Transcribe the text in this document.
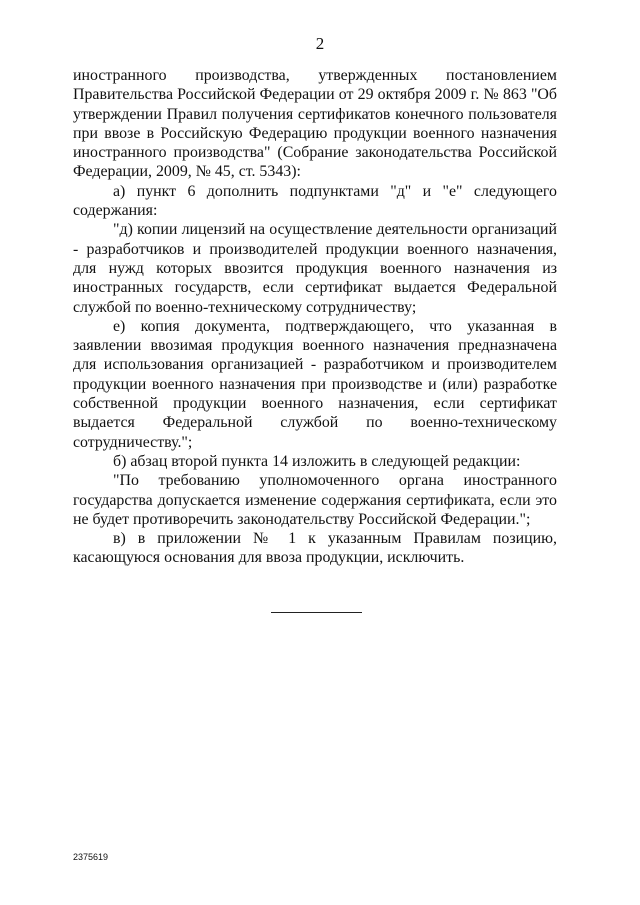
2

иностранного производства, утвержденных постановлением Правительства Российской Федерации от 29 октября 2009 г. № 863 "Об утверждении Правил получения сертификатов конечного пользователя при ввозе в Российскую Федерацию продукции военного назначения иностранного производства" (Собрание законодательства Российской Федерации, 2009, № 45, ст. 5343):

а) пункт 6 дополнить подпунктами "д" и "е" следующего содержания:

"д) копии лицензий на осуществление деятельности организаций - разработчиков и производителей продукции военного назначения, для нужд которых ввозится продукция военного назначения из иностранных государств, если сертификат выдается Федеральной службой по военно-техническому сотрудничеству;

е) копия документа, подтверждающего, что указанная в заявлении ввозимая продукция военного назначения предназначена для использования организацией - разработчиком и производителем продукции военного назначения при производстве и (или) разработке собственной продукции военного назначения, если сертификат выдается Федеральной службой по военно-техническому сотрудничеству.";

б) абзац второй пункта 14 изложить в следующей редакции:

"По требованию уполномоченного органа иностранного государства допускается изменение содержания сертификата, если это не будет противоречить законодательству Российской Федерации.";

в) в приложении № 1 к указанным Правилам позицию, касающуюся основания для ввоза продукции, исключить.

2375619
